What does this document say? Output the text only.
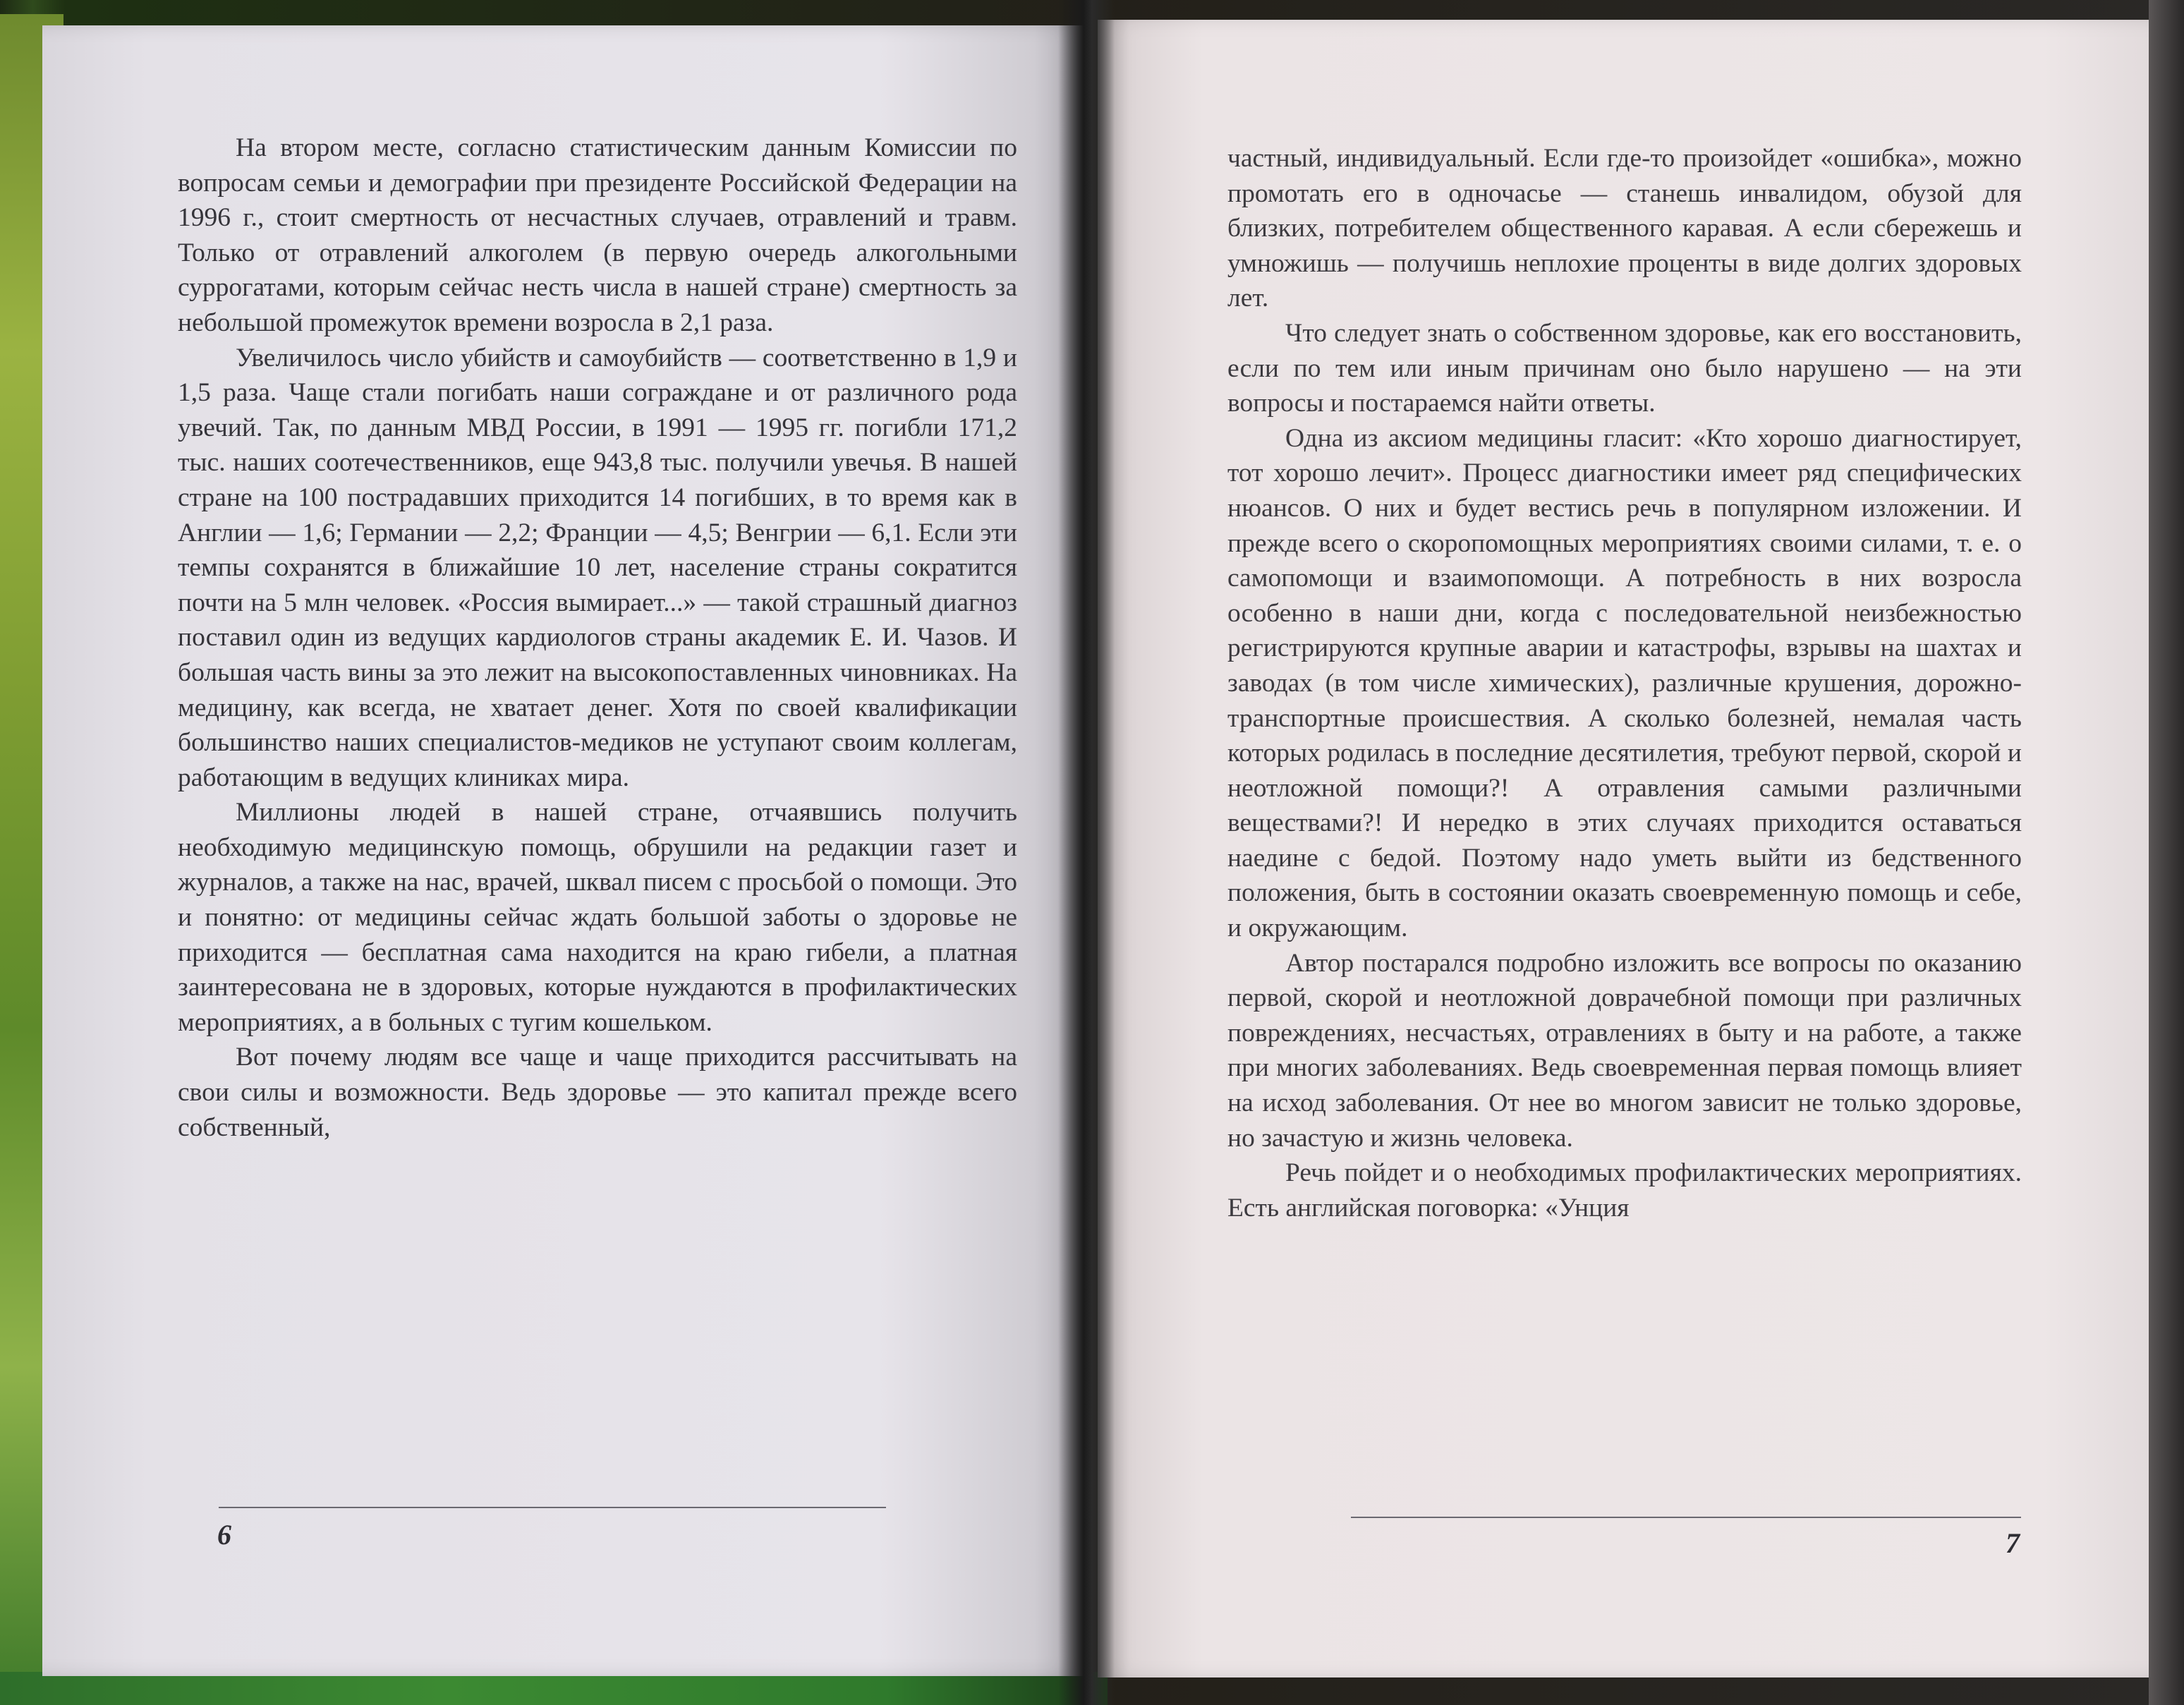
На втором месте, согласно статистическим данным Комиссии по вопросам семьи и демографии при президенте Российской Федерации на 1996 г., стоит смертность от несчастных случаев, отравлений и травм. Только от отравлений алкоголем (в первую очередь алкогольными суррогатами, которым сейчас несть числа в нашей стране) смертность за небольшой промежуток времени возросла в 2,1 раза.

Увеличилось число убийств и самоубийств — соответственно в 1,9 и 1,5 раза. Чаще стали погибать наши сограждане и от различного рода увечий. Так, по данным МВД России, в 1991 — 1995 гг. погибли 171,2 тыс. наших соотечественников, еще 943,8 тыс. получили увечья. В нашей стране на 100 пострадавших приходится 14 погибших, в то время как в Англии — 1,6; Германии — 2,2; Франции — 4,5; Венгрии — 6,1. Если эти темпы сохранятся в ближайшие 10 лет, население страны сократится почти на 5 млн человек. «Россия вымирает...» — такой страшный диагноз поставил один из ведущих кардиологов страны академик Е. И. Чазов. И большая часть вины за это лежит на высокопоставленных чиновниках. На медицину, как всегда, не хватает денег. Хотя по своей квалификации большинство наших специалистов-медиков не уступают своим коллегам, работающим в ведущих клиниках мира.

Миллионы людей в нашей стране, отчаявшись получить необходимую медицинскую помощь, обрушили на редакции газет и журналов, а также на нас, врачей, шквал писем с просьбой о помощи. Это и понятно: от медицины сейчас ждать большой заботы о здоровье не приходится — бесплатная сама находится на краю гибели, а платная заинтересована не в здоровых, которые нуждаются в профилактических мероприятиях, а в больных с тугим кошельком.

Вот почему людям все чаще и чаще приходится рассчитывать на свои силы и возможности. Ведь здоровье — это капитал прежде всего собственный,

частный, индивидуальный. Если где-то произойдет «ошибка», можно промотать его в одночасье — станешь инвалидом, обузой для близких, потребителем общественного каравая. А если сбережешь и умножишь — получишь неплохие проценты в виде долгих здоровых лет.

Что следует знать о собственном здоровье, как его восстановить, если по тем или иным причинам оно было нарушено — на эти вопросы и постараемся найти ответы.

Одна из аксиом медицины гласит: «Кто хорошо диагностирует, тот хорошо лечит». Процесс диагностики имеет ряд специфических нюансов. О них и будет вестись речь в популярном изложении. И прежде всего о скоропомощных мероприятиях своими силами, т. е. о самопомощи и взаимопомощи. А потребность в них возросла особенно в наши дни, когда с последовательной неизбежностью регистрируются крупные аварии и катастрофы, взрывы на шахтах и заводах (в том числе химических), различные крушения, дорожно-транспортные происшествия. А сколько болезней, немалая часть которых родилась в последние десятилетия, требуют первой, скорой и неотложной помощи?! А отравления самыми различными веществами?! И нередко в этих случаях приходится оставаться наедине с бедой. Поэтому надо уметь выйти из бедственного положения, быть в состоянии оказать своевременную помощь и себе, и окружающим.

Автор постарался подробно изложить все вопросы по оказанию первой, скорой и неотложной доврачебной помощи при различных повреждениях, несчастьях, отравлениях в быту и на работе, а также при многих заболеваниях. Ведь своевременная первая помощь влияет на исход заболевания. От нее во многом зависит не только здоровье, но зачастую и жизнь человека.

Речь пойдет и о необходимых профилактических мероприятиях. Есть английская поговорка: «Унция

6	7
